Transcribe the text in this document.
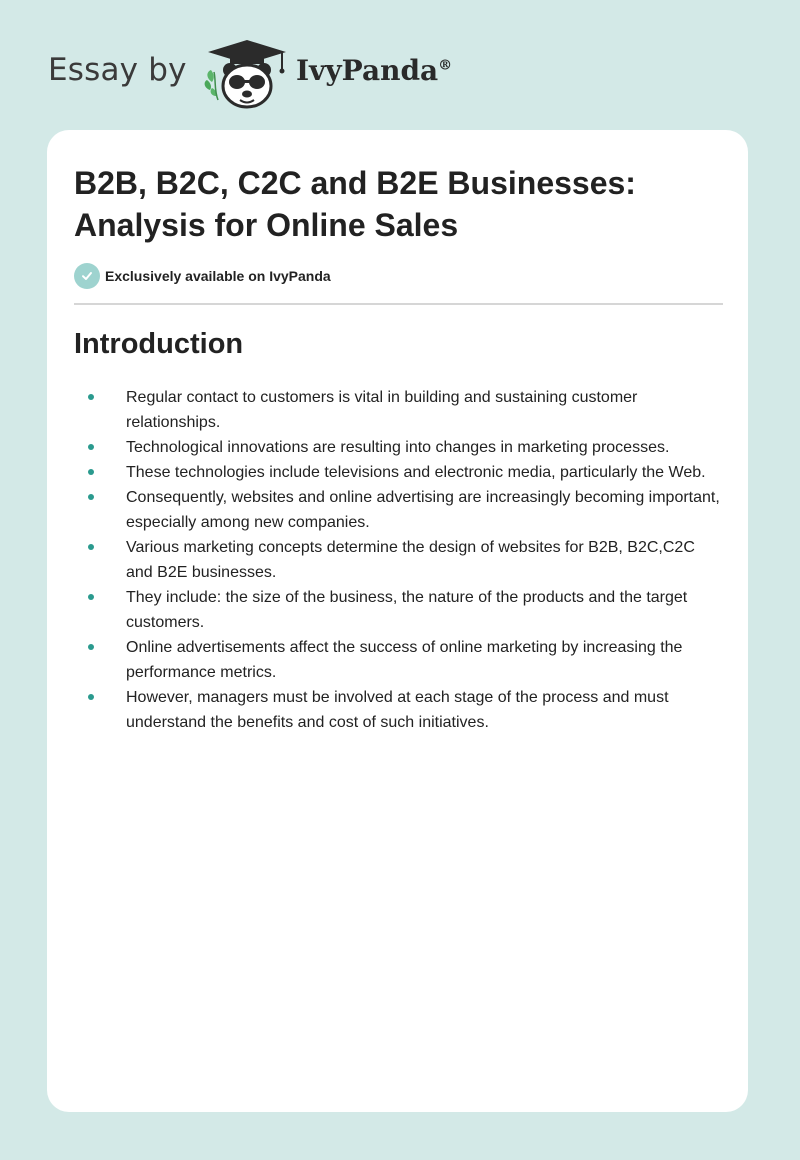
Essay by	IvyPanda®
B2B, B2C, C2C and B2E Businesses: Analysis for Online Sales
Exclusively available on IvyPanda
Introduction
Regular contact to customers is vital in building and sustaining customer relationships.
Technological innovations are resulting into changes in marketing processes.
These technologies include televisions and electronic media, particularly the Web.
Consequently, websites and online advertising are increasingly becoming important, especially among new companies.
Various marketing concepts determine the design of websites for B2B, B2C,C2C and B2E businesses.
They include: the size of the business, the nature of the products and the target customers.
Online advertisements affect the success of online marketing by increasing the performance metrics.
However, managers must be involved at each stage of the process and must understand the benefits and cost of such initiatives.
